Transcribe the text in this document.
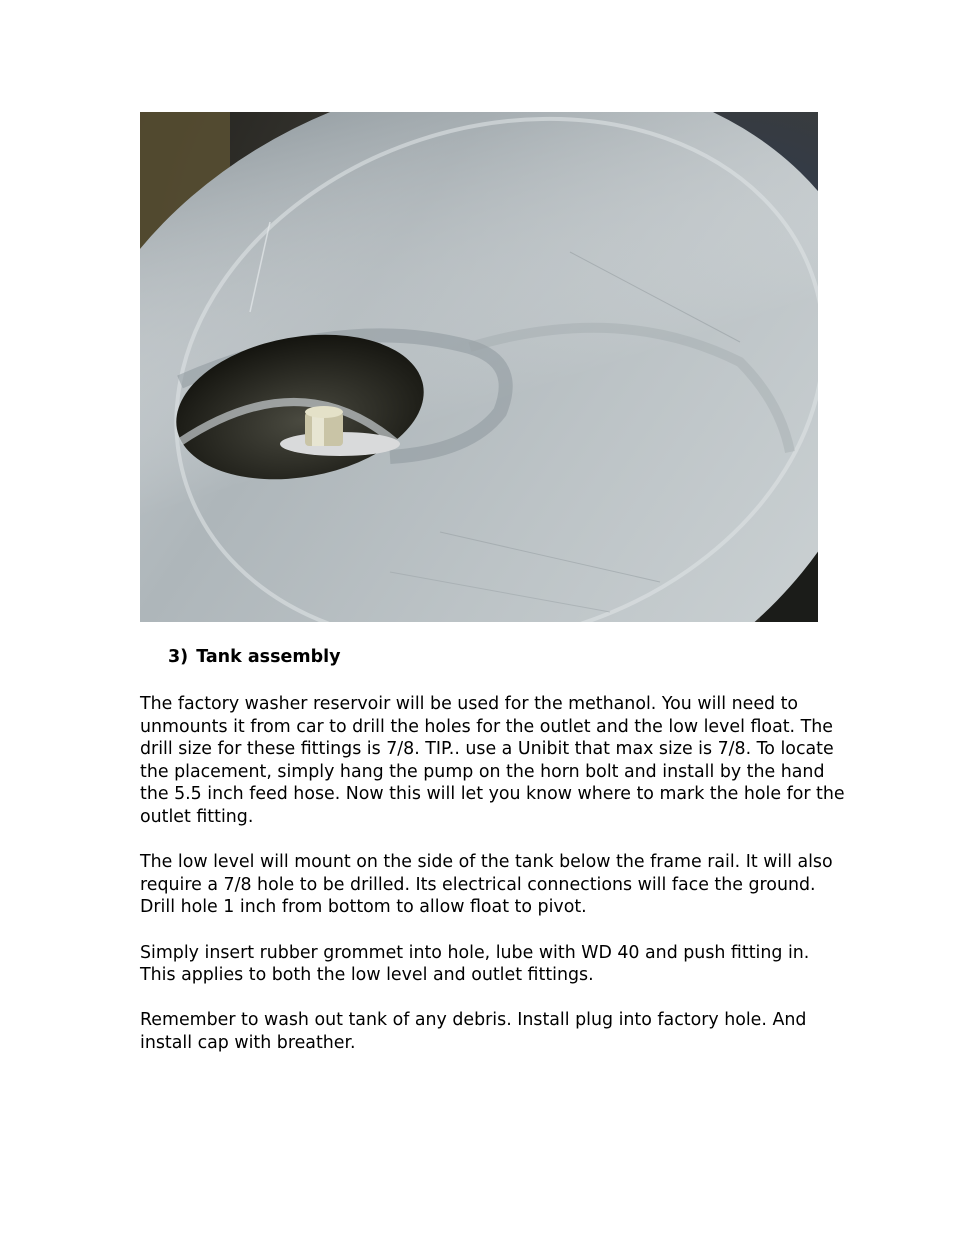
3) Tank assembly

The factory washer reservoir will be used for the methanol. You will need to
unmounts it from car to drill the holes for the outlet and the low level float. The
drill size for these fittings is 7/8. TIP.. use a Unibit that max size is 7/8. To locate
the placement, simply hang the pump on the horn bolt and install by the hand
the 5.5 inch feed hose. Now this will let you know where to mark the hole for the
outlet fitting.

The low level will mount on the side of the tank below the frame rail. It will also
require a 7/8 hole to be drilled. Its electrical connections will face the ground.
Drill hole 1 inch from bottom to allow float to pivot.

Simply insert rubber grommet into hole, lube with WD 40 and push fitting in.
This applies to both the low level and outlet fittings.

Remember to wash out tank of any debris. Install plug into factory hole. And
install cap with breather.
